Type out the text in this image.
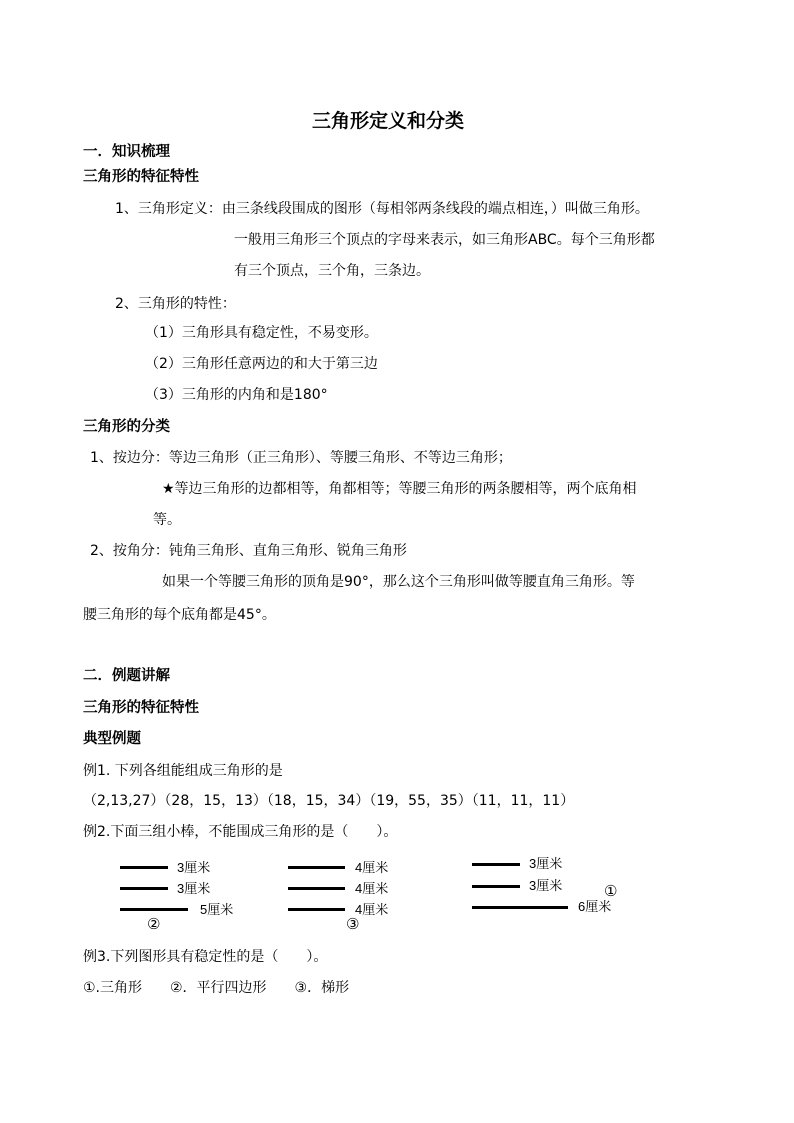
三角形定义和分类
一．知识梳理
三角形的特征特性
1、三角形定义：由三条线段围成的图形（每相邻两条线段的端点相连，）叫做三角形。
一般用三角形三个顶点的字母来表示，如三角形ABC。每个三角形都
有三个顶点，三个角，三条边。
2、三角形的特性：
（1）三角形具有稳定性，不易变形。
（2）三角形任意两边的和大于第三边
（3）三角形的内角和是180°
三角形的分类
1、按边分：等边三角形（正三角形）、等腰三角形、不等边三角形；
★等边三角形的边都相等，角都相等；等腰三角形的两条腰相等，两个底角相
等。
2、按角分：钝角三角形、直角三角形、锐角三角形
如果一个等腰三角形的顶角是90°，那么这个三角形叫做等腰直角三角形。等
腰三角形的每个底角都是45°。
二．例题讲解
三角形的特征特性
典型例题
例1. 下列各组能组成三角形的是
（2,13,27）（28，15，13）（18，15，34）（19，55，35）（11，11，11）
例2.下面三组小棒，不能围成三角形的是（　　）。
3厘米
3厘米
5厘米
②
4厘米
4厘米
4厘米
③
3厘米
3厘米
6厘米
①
例3.下列图形具有稳定性的是（　　）。
①.三角形　　②．平行四边形　　③．梯形
